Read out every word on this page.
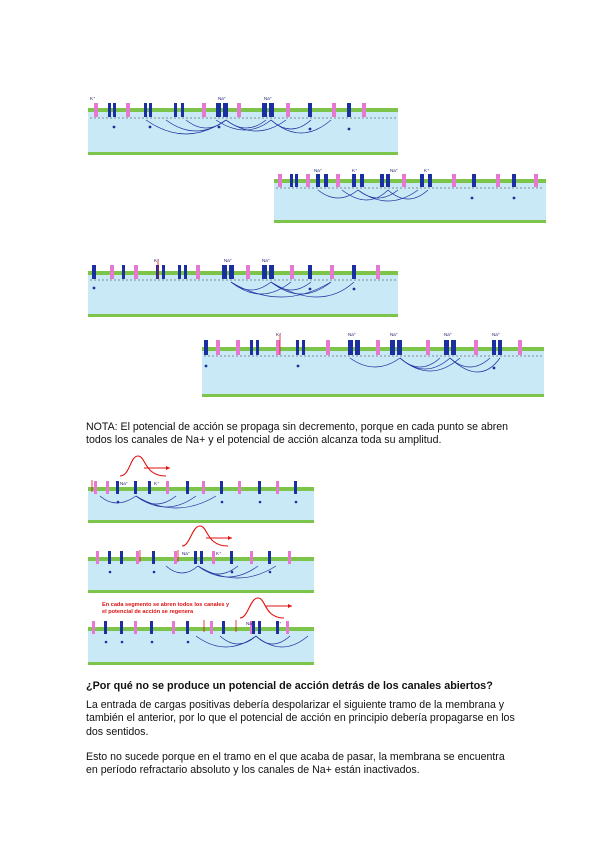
Na⁺	Na⁺
K⁺
Na⁺	K⁺	Na⁺	K⁺
Na⁺	Na⁺
K⁺
Na⁺	Na⁺	Na⁺	Na⁺
K⁺
NOTA: El potencial de acción se propaga sin decremento, porque en cada punto se abren todos los canales de Na+ y el potencial de acción alcanza toda su amplitud.
Na⁺	K⁺
Na⁺	K⁺
En cada segmento se abren todos los canales y
el potencial de acción se regenera
Na⁺	K⁺
¿Por qué no se produce un potencial de acción detrás de los canales abiertos?
La entrada de cargas positivas debería despolarizar el siguiente tramo de la membrana y también el anterior, por lo que el potencial de acción en principio debería propagarse en los dos sentidos.
Esto no sucede porque en el tramo en el que acaba de pasar, la membrana se encuentra en período refractario absoluto y los canales de Na+ están inactivados.
